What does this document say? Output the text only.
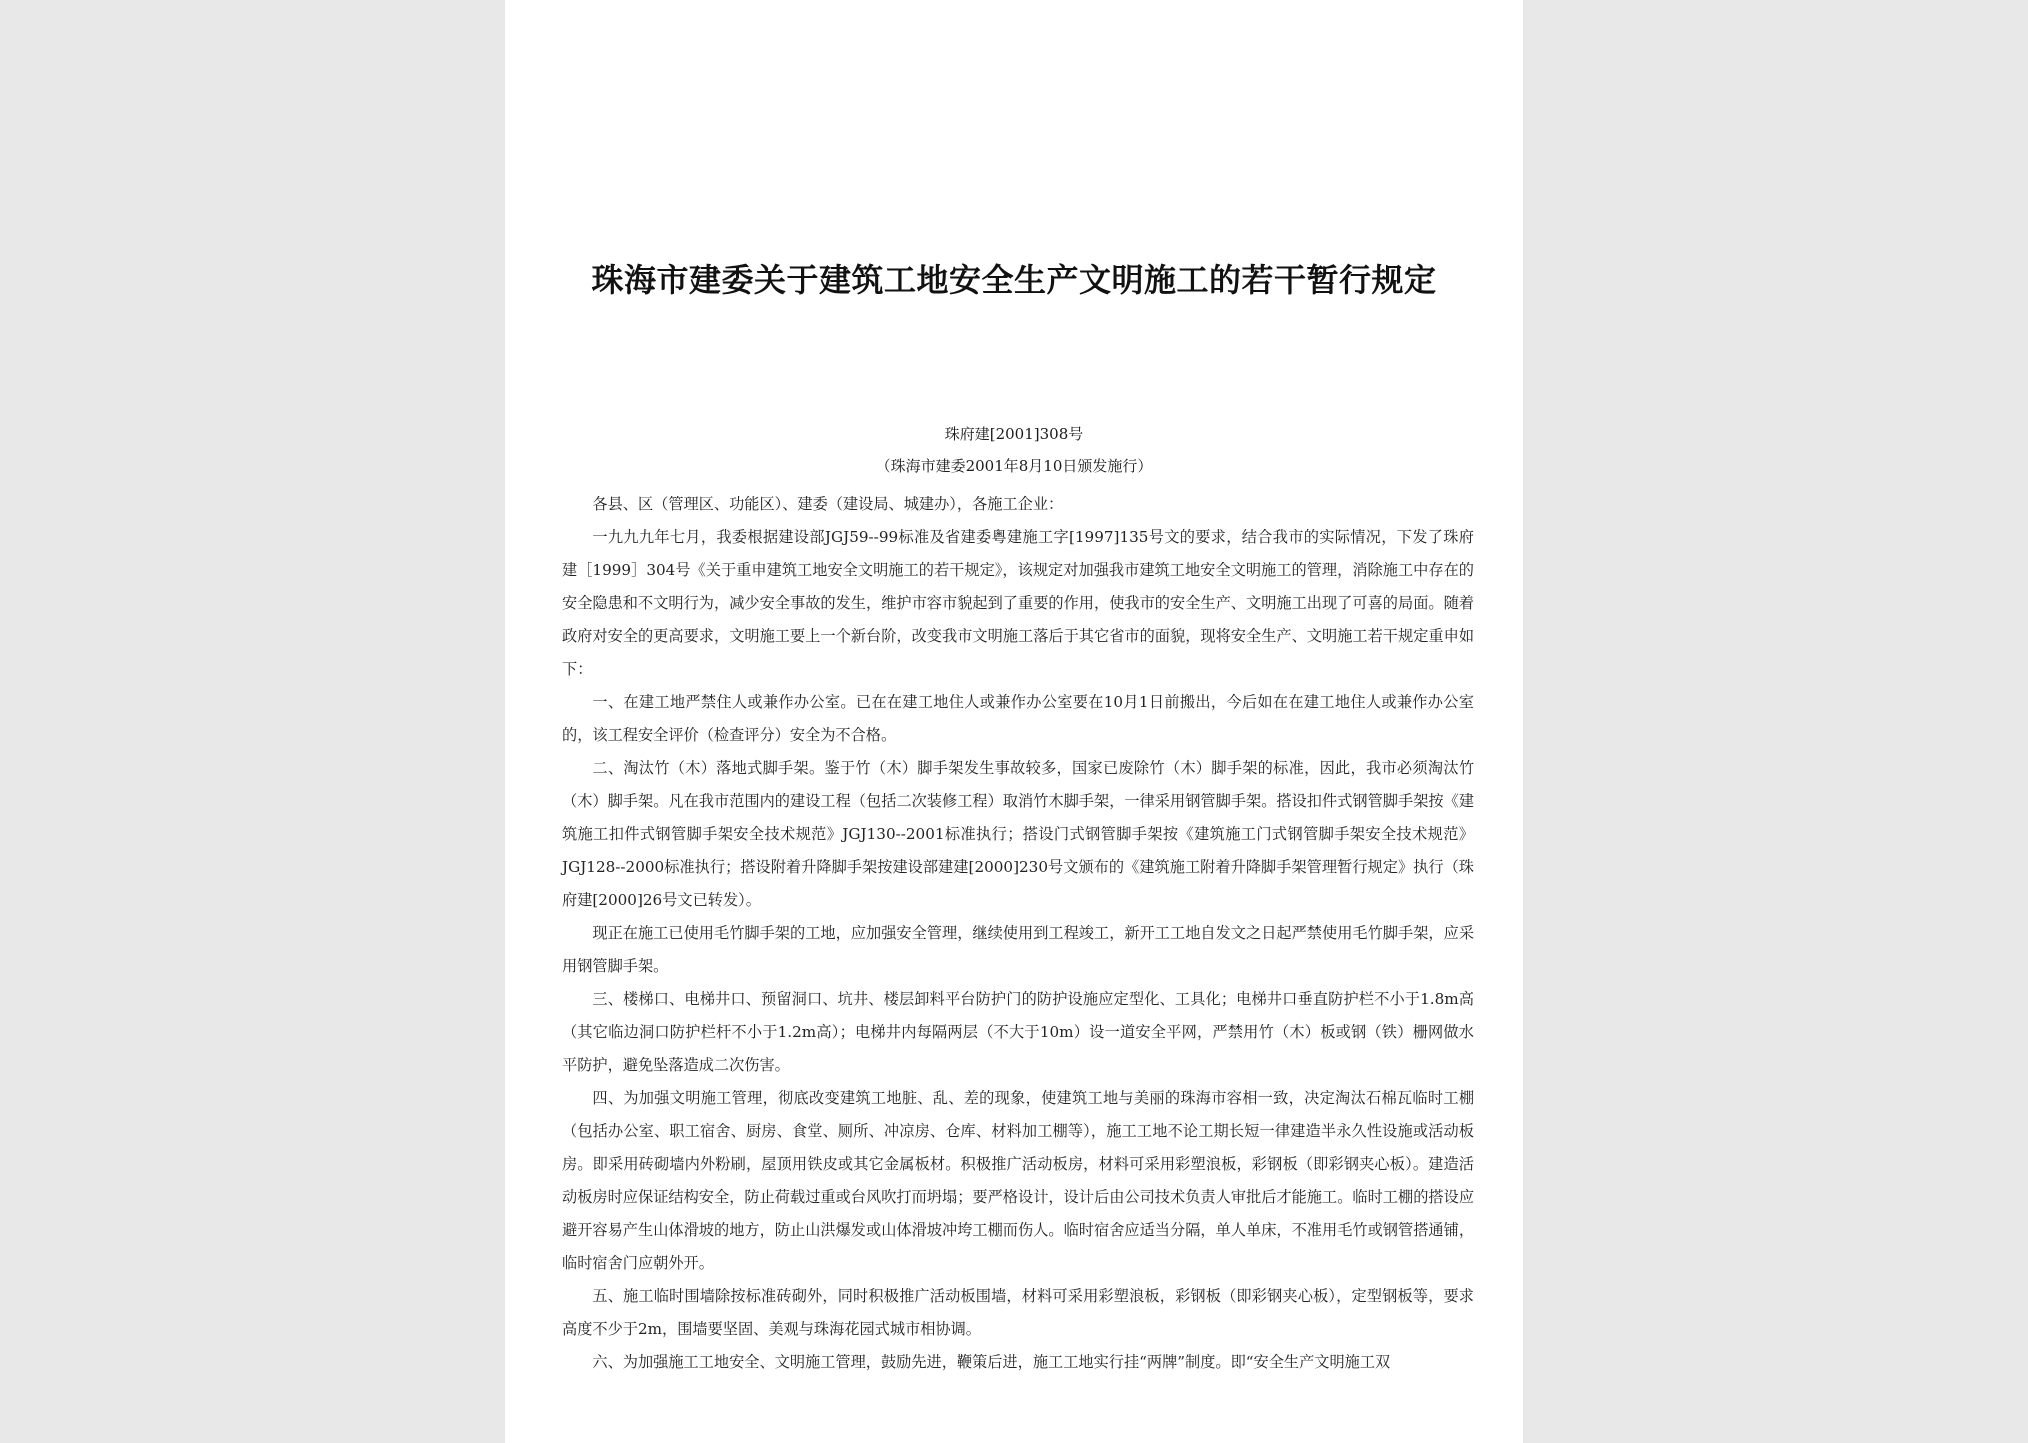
珠海市建委关于建筑工地安全生产文明施工的若干暂行规定
珠府建[2001]308号
（珠海市建委2001年8月10日颁发施行）

各县、区（管理区、功能区）、建委（建设局、城建办），各施工企业：

一九九九年七月，我委根据建设部JGJ59--99标准及省建委粤建施工字[1997]135号文的要求，结合我市的实际情况，下发了珠府建［1999］304号《关于重申建筑工地安全文明施工的若干规定》，该规定对加强我市建筑工地安全文明施工的管理，消除施工中存在的安全隐患和不文明行为，减少安全事故的发生，维护市容市貌起到了重要的作用，使我市的安全生产、文明施工出现了可喜的局面。随着政府对安全的更高要求，文明施工要上一个新台阶，改变我市文明施工落后于其它省市的面貌，现将安全生产、文明施工若干规定重申如下：

一、在建工地严禁住人或兼作办公室。已在在建工地住人或兼作办公室要在10月1日前搬出，今后如在在建工地住人或兼作办公室的，该工程安全评价（检查评分）安全为不合格。

二、淘汰竹（木）落地式脚手架。鉴于竹（木）脚手架发生事故较多，国家已废除竹（木）脚手架的标准，因此，我市必须淘汰竹（木）脚手架。凡在我市范围内的建设工程（包括二次装修工程）取消竹木脚手架，一律采用钢管脚手架。搭设扣件式钢管脚手架按《建筑施工扣件式钢管脚手架安全技术规范》JGJ130--2001标准执行；搭设门式钢管脚手架按《建筑施工门式钢管脚手架安全技术规范》JGJ128--2000标准执行；搭设附着升降脚手架按建设部建建[2000]230号文颁布的《建筑施工附着升降脚手架管理暂行规定》执行（珠府建[2000]26号文已转发）。

现正在施工已使用毛竹脚手架的工地，应加强安全管理，继续使用到工程竣工，新开工工地自发文之日起严禁使用毛竹脚手架，应采用钢管脚手架。

三、楼梯口、电梯井口、预留洞口、坑井、楼层卸料平台防护门的防护设施应定型化、工具化；电梯井口垂直防护栏不小于1.8m高（其它临边洞口防护栏杆不小于1.2m高）；电梯井内每隔两层（不大于10m）设一道安全平网，严禁用竹（木）板或钢（铁）栅网做水平防护，避免坠落造成二次伤害。

四、为加强文明施工管理，彻底改变建筑工地脏、乱、差的现象，使建筑工地与美丽的珠海市容相一致，决定淘汰石棉瓦临时工棚（包括办公室、职工宿舍、厨房、食堂、厕所、冲凉房、仓库、材料加工棚等），施工工地不论工期长短一律建造半永久性设施或活动板房。即采用砖砌墙内外粉刷，屋顶用铁皮或其它金属板材。积极推广活动板房，材料可采用彩塑浪板，彩钢板（即彩钢夹心板）。建造活动板房时应保证结构安全，防止荷载过重或台风吹打而坍塌；要严格设计，设计后由公司技术负责人审批后才能施工。临时工棚的搭设应避开容易产生山体滑坡的地方，防止山洪爆发或山体滑坡冲垮工棚而伤人。临时宿舍应适当分隔，单人单床，不准用毛竹或钢管搭通铺，临时宿舍门应朝外开。

五、施工临时围墙除按标准砖砌外，同时积极推广活动板围墙，材料可采用彩塑浪板，彩钢板（即彩钢夹心板），定型钢板等，要求高度不少于2m，围墙要坚固、美观与珠海花园式城市相协调。

六、为加强施工工地安全、文明施工管理，鼓励先进，鞭策后进，施工工地实行挂“两牌”制度。即“安全生产文明施工双
